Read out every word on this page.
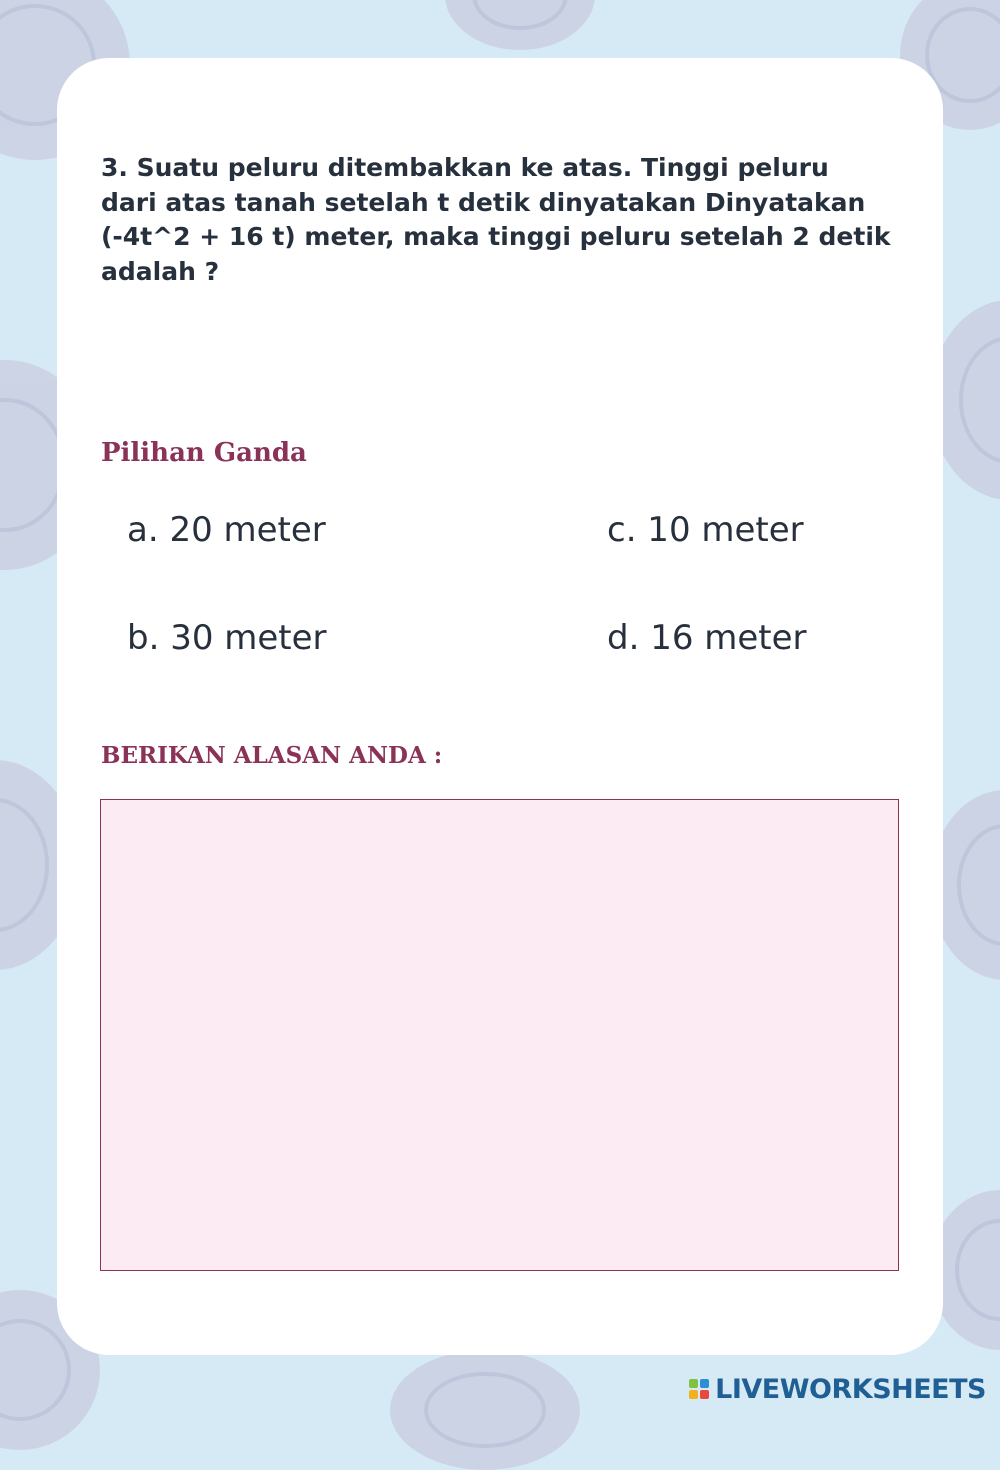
3. Suatu peluru ditembakkan ke atas. Tinggi peluru dari atas tanah setelah t detik dinyatakan Dinyatakan (-4t^2 + 16 t) meter, maka tinggi peluru setelah 2 detik adalah ?

Pilihan Ganda
a. 20 meter	c. 10 meter
b. 30 meter	d. 16 meter
BERIKAN ALASAN ANDA :
LIVEWORKSHEETS
